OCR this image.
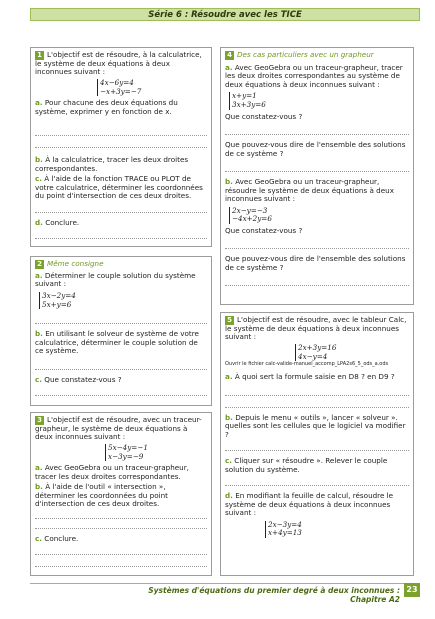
Série 6 : Résoudre avec les TICE

1 L'objectif est de résoudre, à la calculatrice, le système de deux équations à deux inconnues suivant :

4x−6y=4
−x+3y=−7

a. Pour chacune des deux équations du système, exprimer y en fonction de x.

b. À la calculatrice, tracer les deux droites correspondantes.

c. À l'aide de la fonction TRACE ou PLOT de votre calculatrice, déterminer les coordonnées du point d'intersection de ces deux droites.

d. Conclure.

2 Même consigne

a. Déterminer le couple solution du système suivant :

3x−2y=4
5x+y=6

b. En utilisant le solveur de système de votre calculatrice, déterminer le couple solution de ce système.

c. Que constatez-vous ?

3 L'objectif est de résoudre, avec un traceur-grapheur, le système de deux équations à deux inconnues suivant :

5x−4y=−1
x−3y=−9

a. Avec GeoGebra ou un traceur-grapheur, tracer les deux droites correspondantes.

b. À l'aide de l'outil « intersection », déterminer les coordonnées du point d'intersection de ces deux droites.

c. Conclure.

4 Des cas particuliers avec un grapheur

a. Avec GeoGebra ou un traceur-grapheur, tracer les deux droites correspondantes au système de deux équations à deux inconnues suivant :

x+y=1
3x+3y=6

Que constatez-vous ?

Que pouvez-vous dire de l'ensemble des solutions de ce système ?

b. Avec GeoGebra ou un traceur-grapheur, résoudre le système de deux équations à deux inconnues suivant :

2x−y=−3
−4x+2y=6

Que constatez-vous ?

Que pouvez-vous dire de l'ensemble des solutions de ce système ?

5 L'objectif est de résoudre, avec le tableur Calc, le système de deux équations à deux inconnues suivant :

2x+3y=16
4x−y=4

Ouvrir le fichier calc-valide-manuel_accomp_LPA2s6_5_ods_a.ods

a. À quoi sert la formule saisie en D8 ? en D9 ?

b. Depuis le menu « outils », lancer « solveur ». quelles sont les cellules que le logiciel va modifier ?

c. Cliquer sur « résoudre ». Relever le couple solution du système.

d. En modifiant la feuille de calcul, résoudre le système de deux équations à deux inconnues suivant :

2x−3y=4
x+4y=13
Systèmes d'équations du premier degré à deux inconnues : Chapitre A2
23
